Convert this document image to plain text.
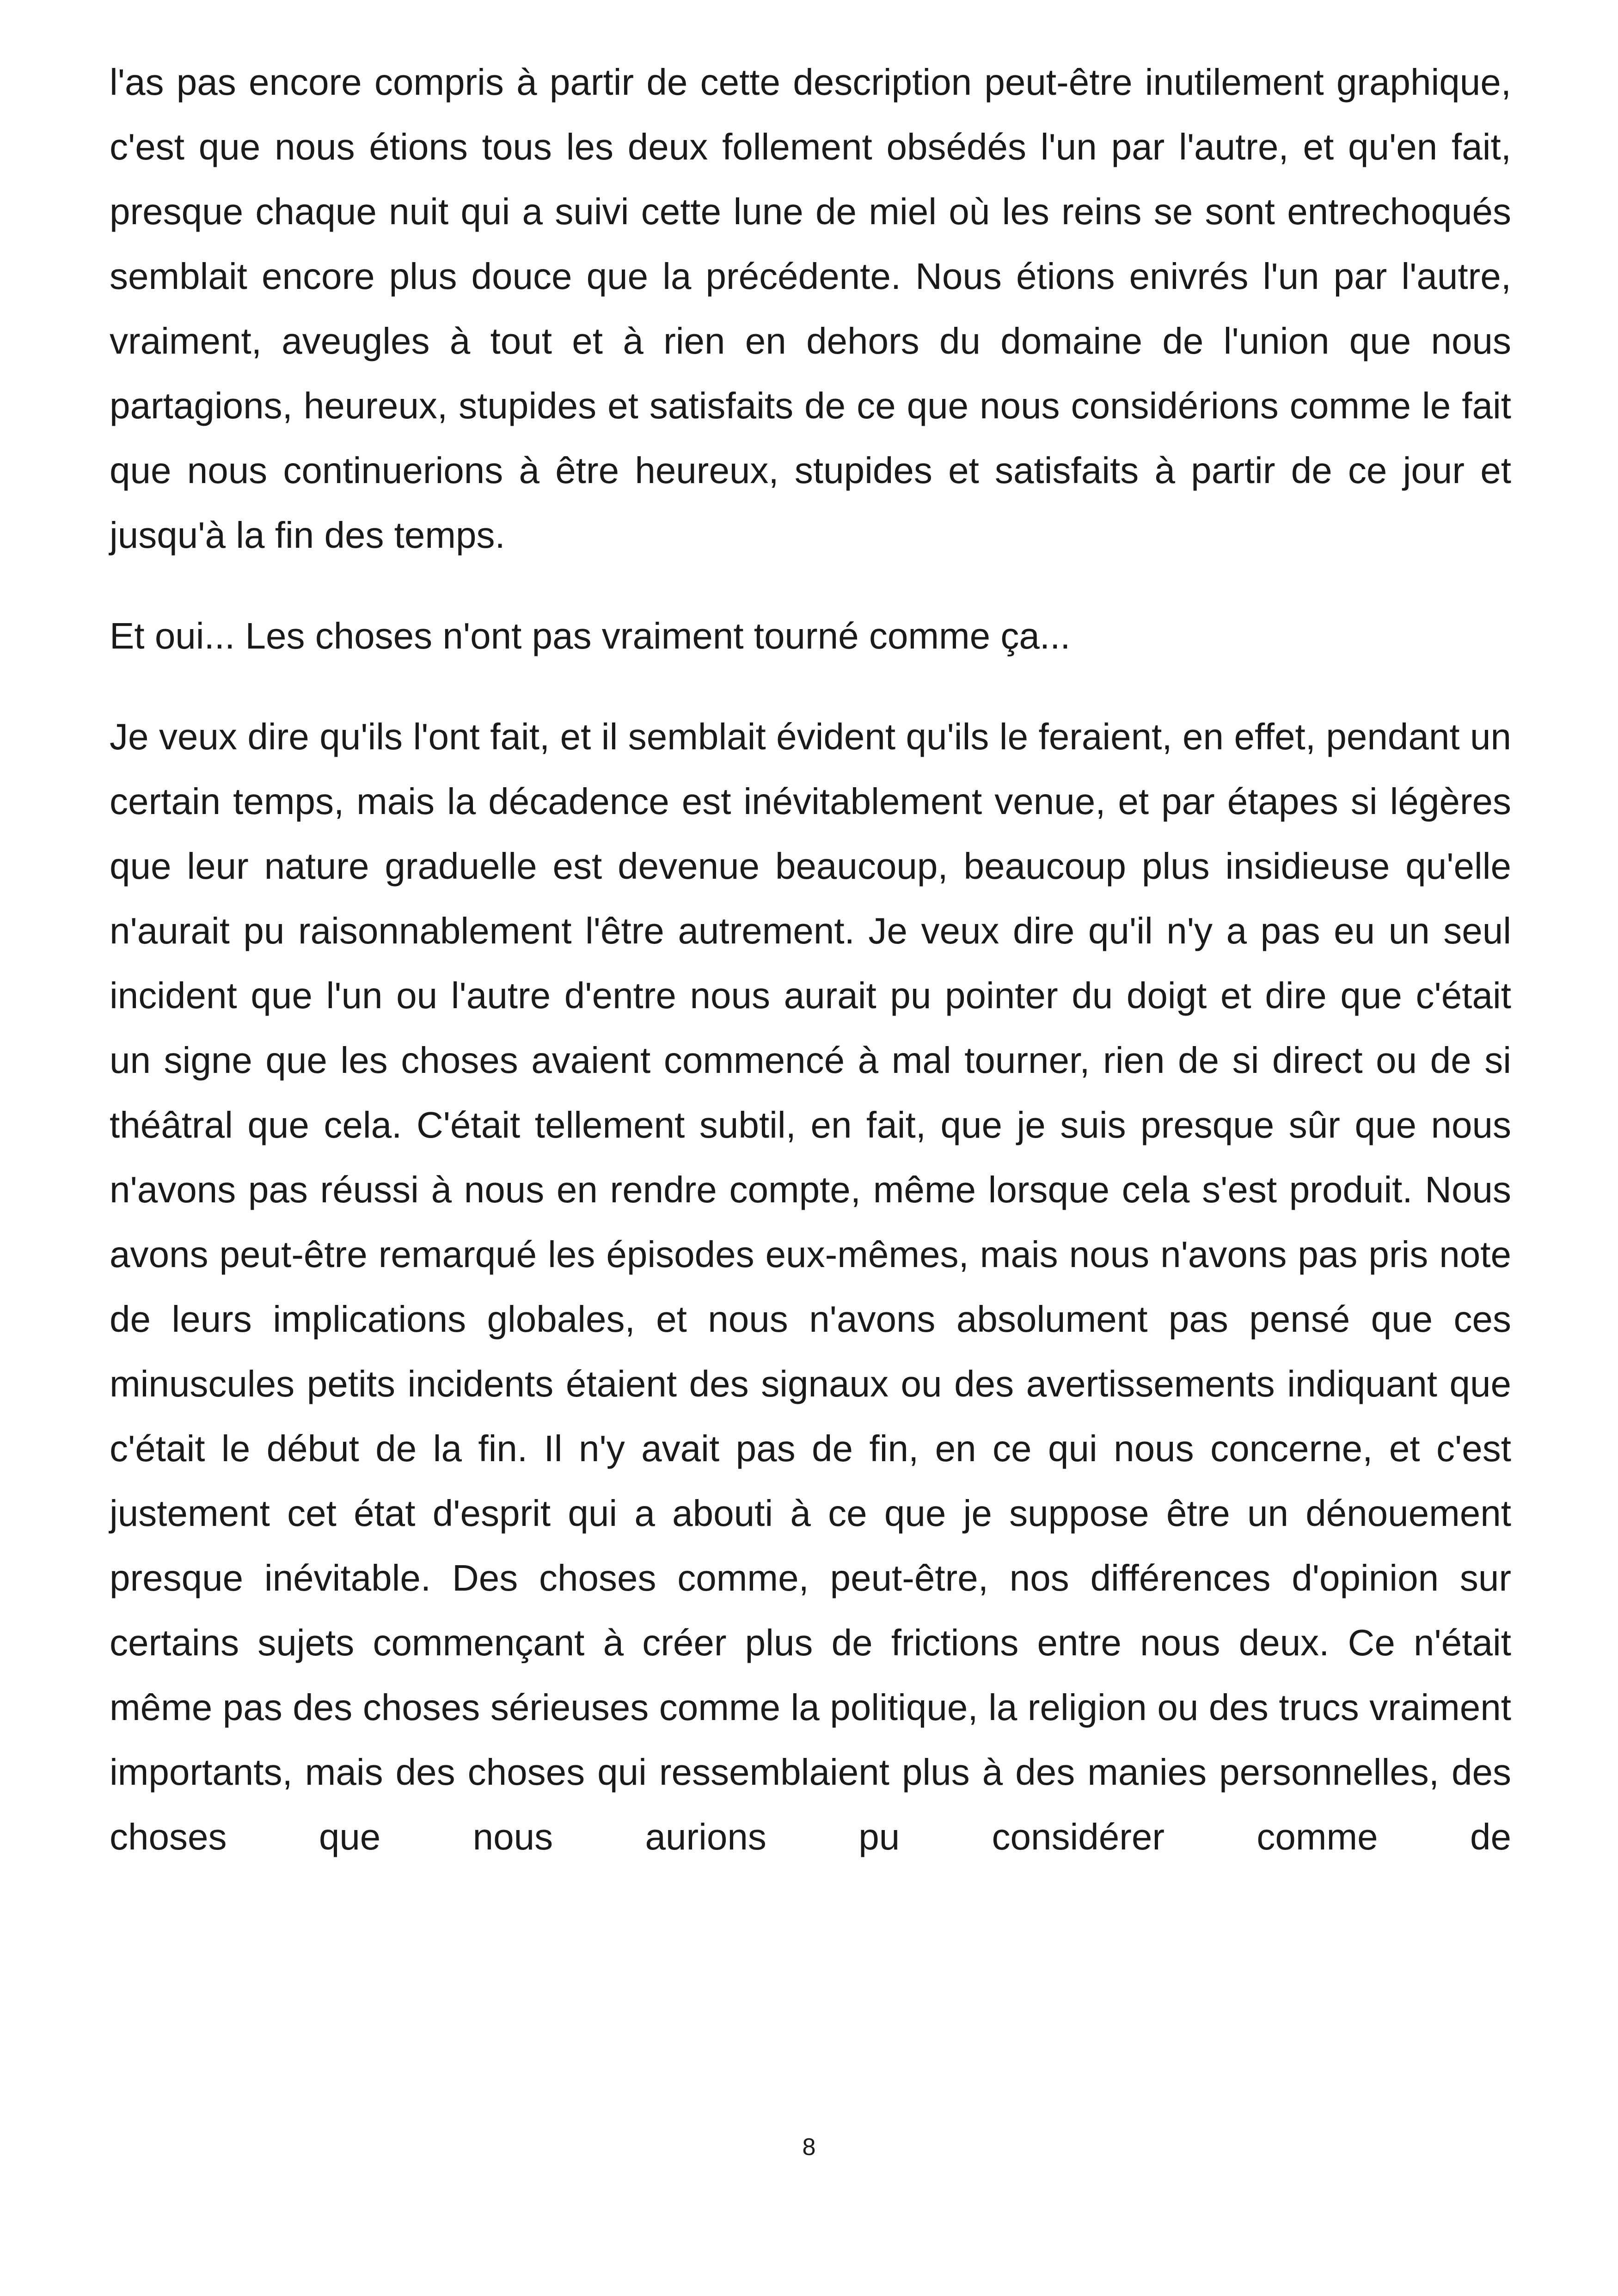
l'as pas encore compris à partir de cette description peut-être inutilement graphique, c'est que nous étions tous les deux follement obsédés l'un par l'autre, et qu'en fait, presque chaque nuit qui a suivi cette lune de miel où les reins se sont entrechoqués semblait encore plus douce que la précédente. Nous étions enivrés l'un par l'autre, vraiment, aveugles à tout et à rien en dehors du domaine de l'union que nous partagions, heureux, stupides et satisfaits de ce que nous considérions comme le fait que nous continuerions à être heureux, stupides et satisfaits à partir de ce jour et jusqu'à la fin des temps.

Et oui... Les choses n'ont pas vraiment tourné comme ça...

Je veux dire qu'ils l'ont fait, et il semblait évident qu'ils le feraient, en effet, pendant un certain temps, mais la décadence est inévitablement venue, et par étapes si légères que leur nature graduelle est devenue beaucoup, beaucoup plus insidieuse qu'elle n'aurait pu raisonnablement l'être autrement. Je veux dire qu'il n'y a pas eu un seul incident que l'un ou l'autre d'entre nous aurait pu pointer du doigt et dire que c'était un signe que les choses avaient commencé à mal tourner, rien de si direct ou de si théâtral que cela. C'était tellement subtil, en fait, que je suis presque sûr que nous n'avons pas réussi à nous en rendre compte, même lorsque cela s'est produit. Nous avons peut-être remarqué les épisodes eux-mêmes, mais nous n'avons pas pris note de leurs implications globales, et nous n'avons absolument pas pensé que ces minuscules petits incidents étaient des signaux ou des avertissements indiquant que c'était le début de la fin. Il n'y avait pas de fin, en ce qui nous concerne, et c'est justement cet état d'esprit qui a abouti à ce que je suppose être un dénouement presque inévitable. Des choses comme, peut-être, nos différences d'opinion sur certains sujets commençant à créer plus de frictions entre nous deux. Ce n'était même pas des choses sérieuses comme la politique, la religion ou des trucs vraiment importants, mais des choses qui ressemblaient plus à des manies personnelles, des choses que nous aurions pu considérer comme de

8
